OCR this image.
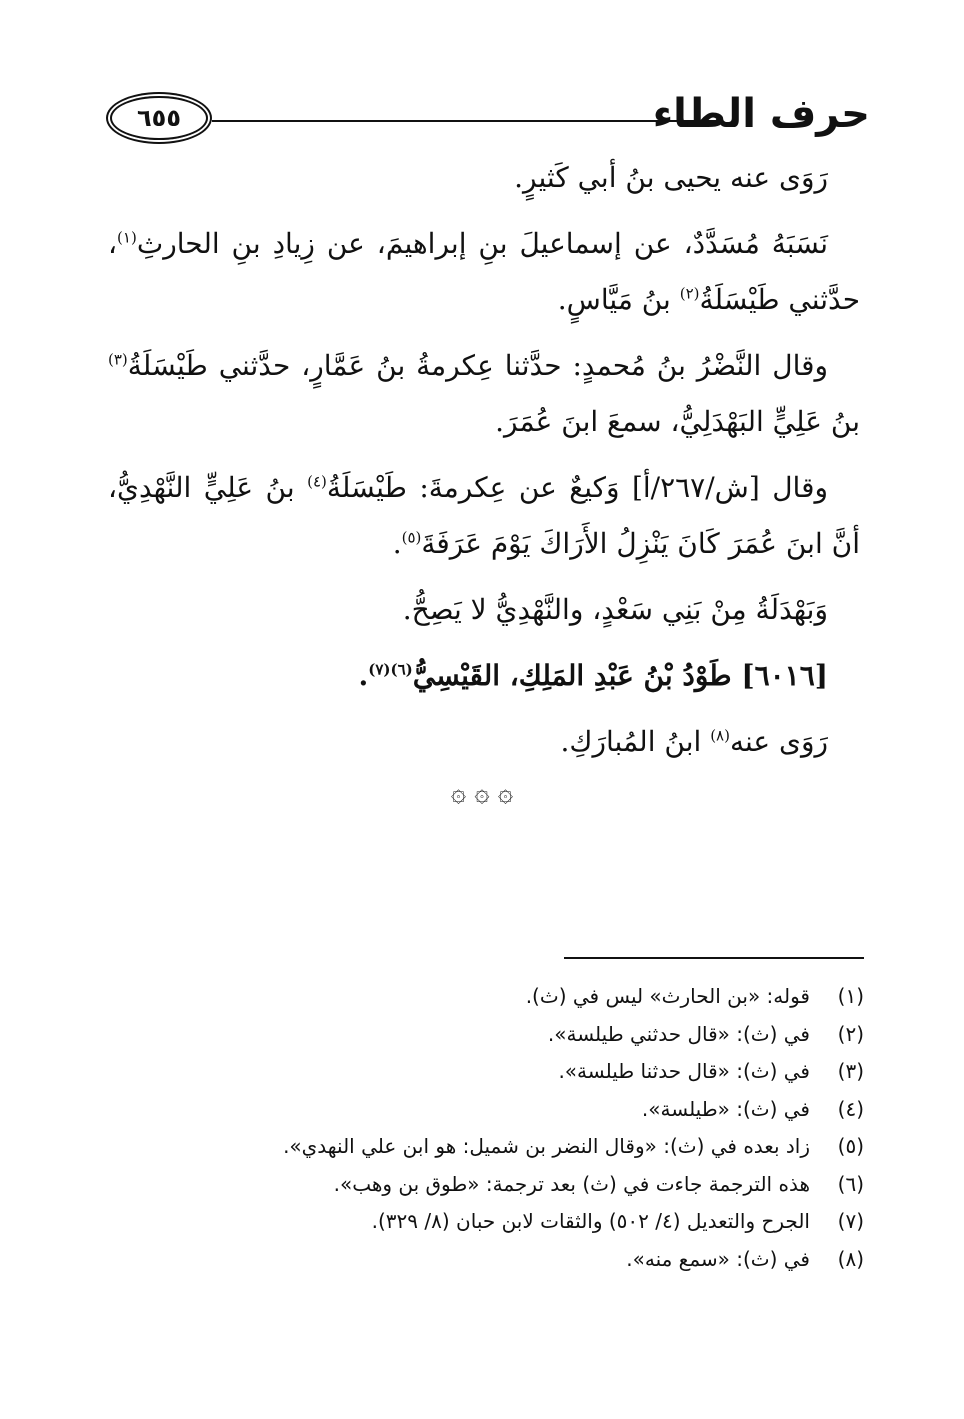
حرف الطاء
٦٥٥

رَوَى عنه يحيى بنُ أبي كَثيرٍ.

نَسَبَهُ مُسَدَّدٌ، عن إسماعيلَ بنِ إبراهيمَ، عن زِيادِ بنِ الحارثِ$^{(١)}$، حدَّثني طَيْسَلَةُ$^{(٢)}$ بنُ مَيَّاسٍ.

وقال النَّضْرُ بنُ مُحمدٍ: حدَّثنا عِكرمةُ بنُ عَمَّارٍ، حدَّثني طَيْسَلَةُ$^{(٣)}$ بنُ عَلِيٍّ البَهْدَلِيُّ، سمعَ ابنَ عُمَرَ.

وقال [ش/٢٦٧/أ] وَكيعٌ عن عِكرمةَ: طَيْسَلَةُ$^{(٤)}$ بنُ عَلِيٍّ النَّهْدِيُّ، أنَّ ابنَ عُمَرَ كَانَ يَنْزِلُ الأَرَاكَ يَوْمَ عَرَفَةَ$^{(٥)}$.

وَبَهْدَلَةُ مِنْ بَنِي سَعْدٍ، والنَّهْدِيُّ لا يَصِحُّ.

[٦٠١٦] طَوْدُ بْنُ عَبْدِ المَلِكِ، القَيْسِيُّ$^{(٦)(٧)}$.

رَوَى عنه$^{(٨)}$ ابنُ المُبارَكِ.

۞ ۞ ۞
(١)
قوله: «بن الحارث» ليس في (ث).
(٢)
في (ث): «قال حدثني طيلسة».
(٣)
في (ث): «قال حدثنا طيلسة».
(٤)
في (ث): «طيلسة».
(٥)
زاد بعده في (ث): «وقال النضر بن شميل: هو ابن علي النهدي».
(٦)
هذه الترجمة جاءت في (ث) بعد ترجمة: «طوق بن وهب».
(٧)
الجرح والتعديل (٤/ ٥٠٢) والثقات لابن حبان (٨/ ٣٢٩).
(٨)
في (ث): «سمع منه».
